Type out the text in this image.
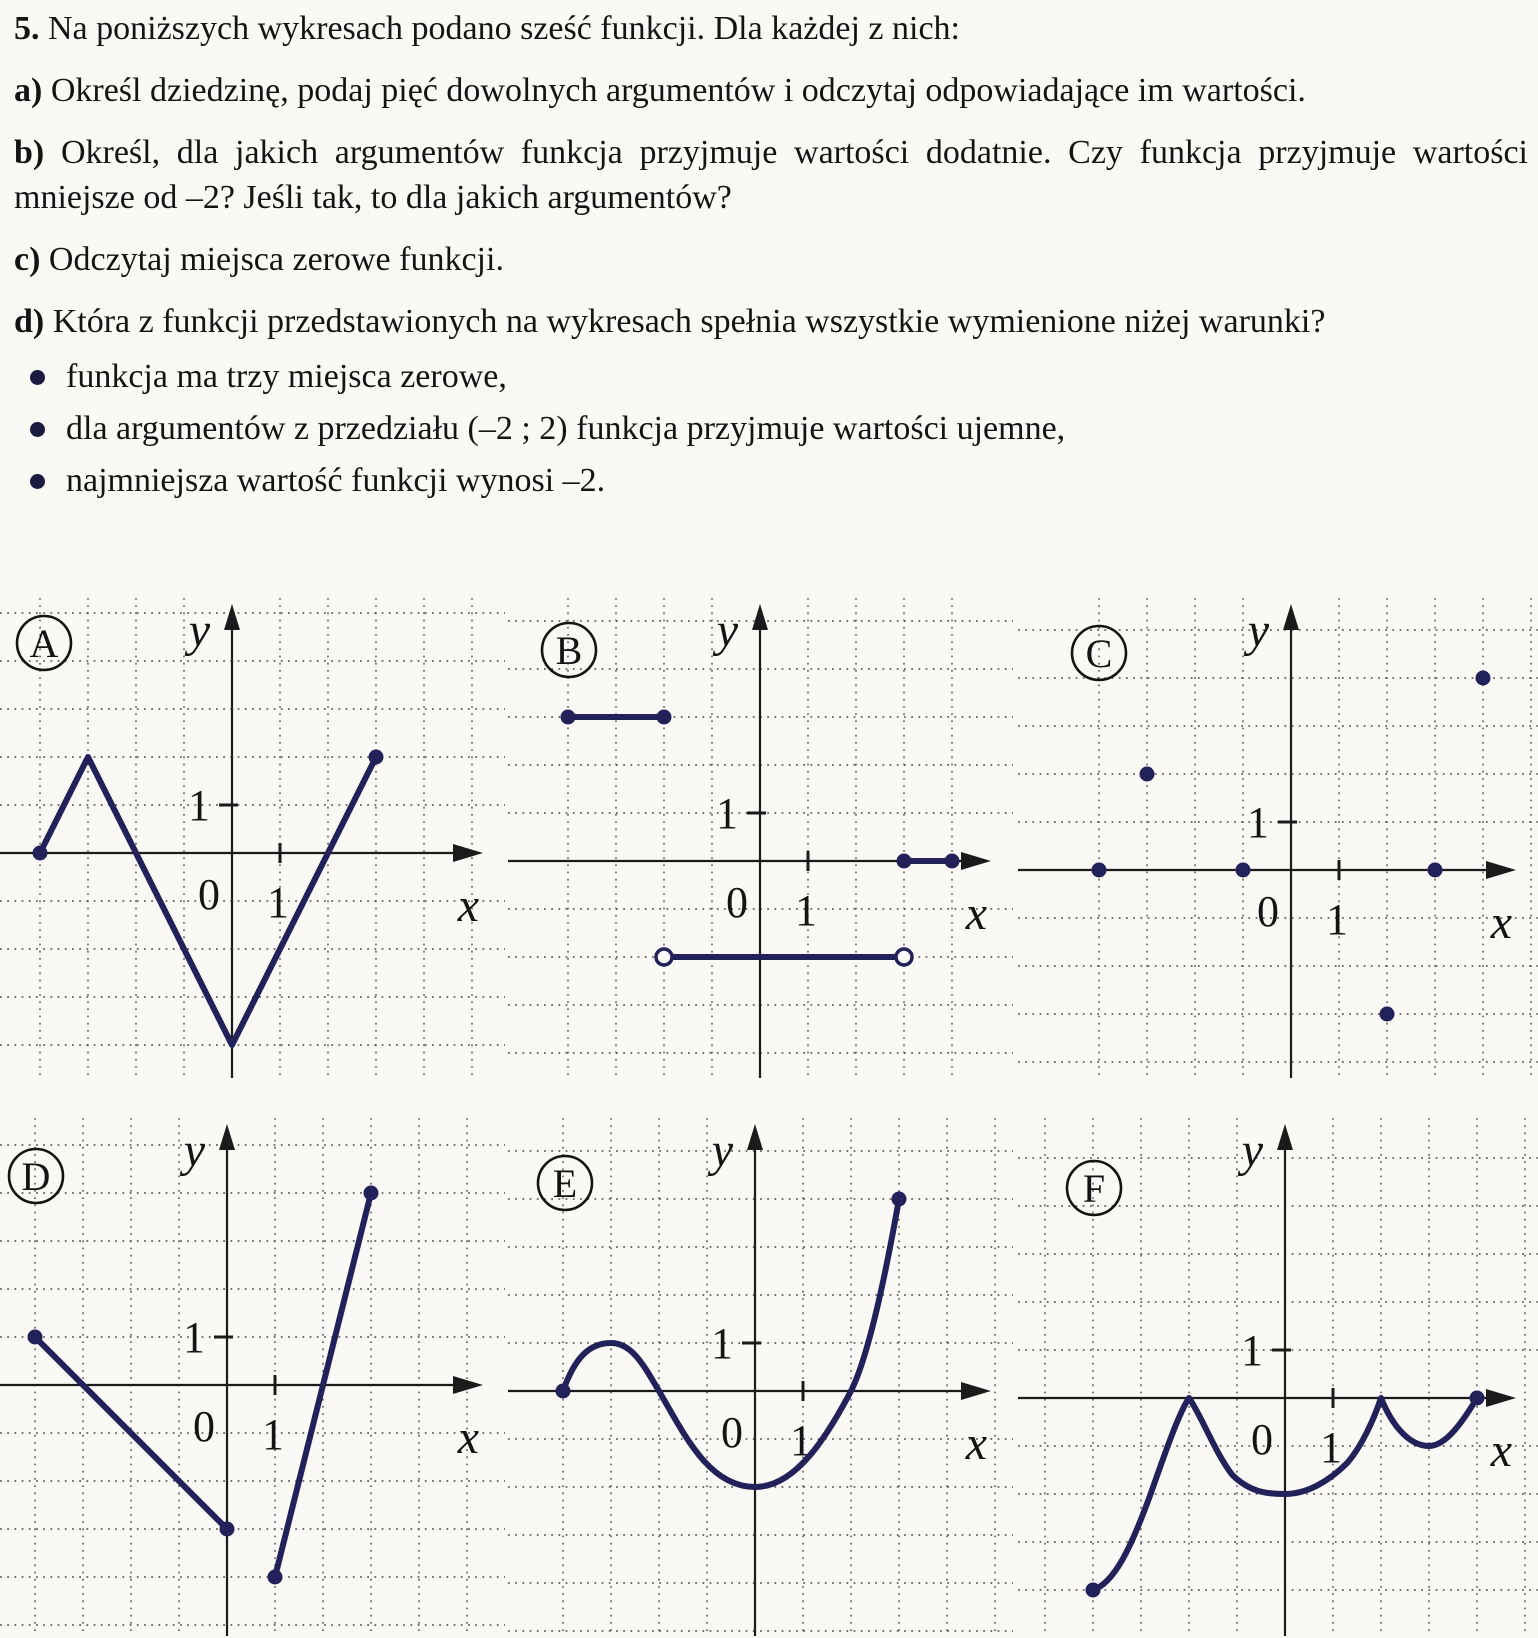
5. Na poniższych wykresach podano sześć funkcji. Dla każdej z nich:

a) Określ dziedzinę, podaj pięć dowolnych argumentów i odczytaj odpowiadające im wartości.

b) Określ, dla jakich argumentów funkcja przyjmuje wartości dodatnie. Czy funkcja przyjmuje wartości mniejsze od –2? Jeśli tak, to dla jakich argumentów?

c) Odczytaj miejsca zerowe funkcji.

d) Która z funkcji przedstawionych na wykresach spełnia wszystkie wymienione niżej warunki?

funkcja ma trzy miejsca zerowe,
dla argumentów z przedziału (–2 ; 2) funkcja przyjmuje wartości ujemne,
najmniejsza wartość funkcji wynosi –2.
y
x
0
1
1
A	y
x
0
1
1
B	y
x
0
1
1
C
y
x
0
1
1
D	y
x
0
1
1
E
y
x
0
1
1
F
